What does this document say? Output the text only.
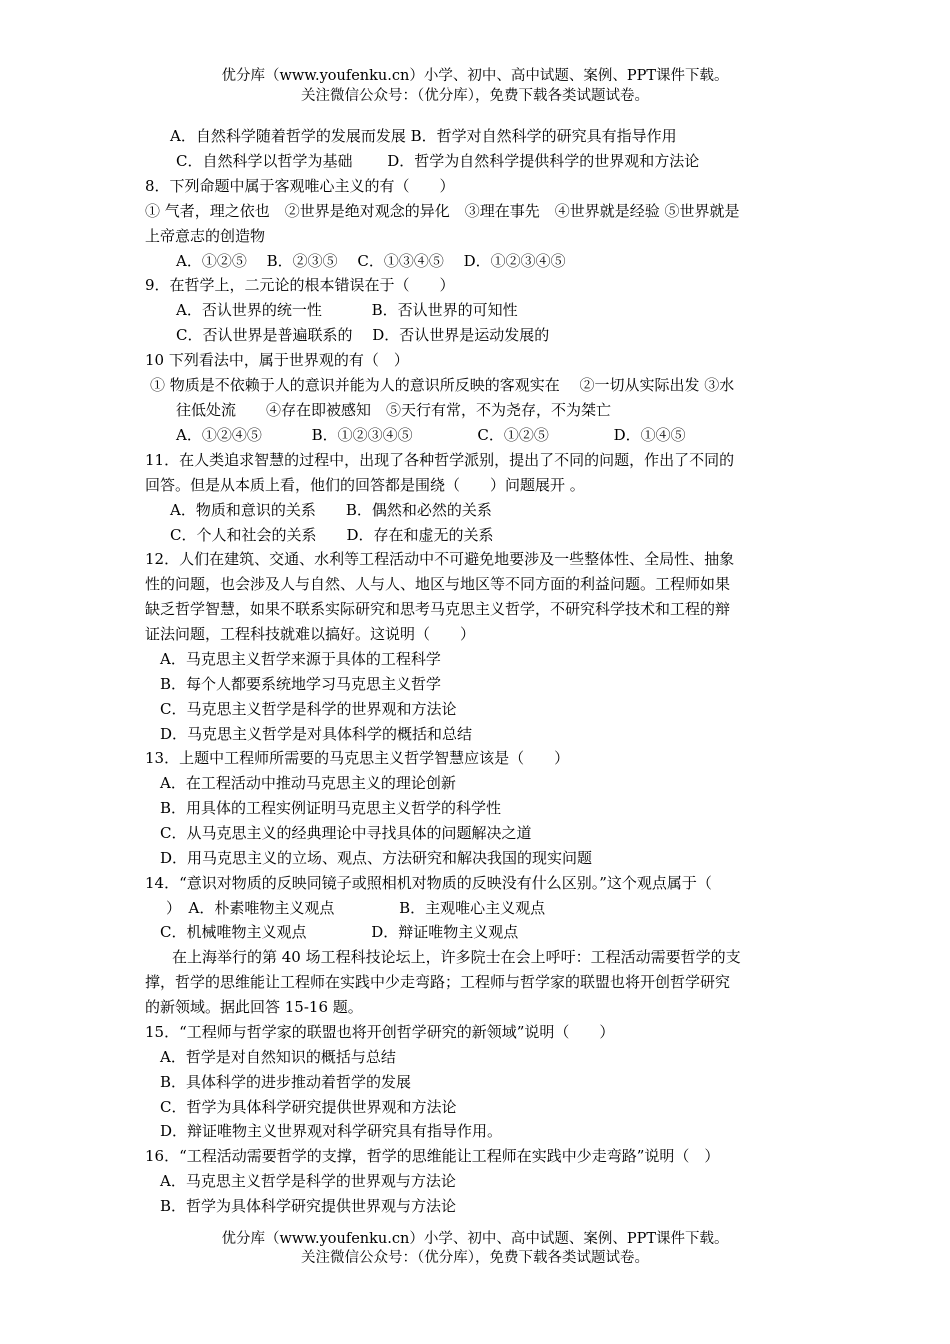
优分库（www.youfenku.cn）小学、初中、高中试题、案例、PPT课件下载。
关注微信公众号：（优分库），免费下载各类试题试卷。
A．自然科学随着哲学的发展而发展 B．哲学对自然科学的研究具有指导作用
C．自然科学以哲学为基础　　 D．哲学为自然科学提供科学的世界观和方法论
8．下列命题中属于客观唯心主义的有（　　）
① 气者，理之依也　②世界是绝对观念的异化　③理在事先　④世界就是经验 ⑤世界就是
上帝意志的创造物
A．①②⑤　 B．②③⑤　 C．①③④⑤　 D．①②③④⑤
9．在哲学上，二元论的根本错误在于（　　）
A．否认世界的统一性　　　 B．否认世界的可知性
C．否认世界是普遍联系的　 D．否认世界是运动发展的
10 下列看法中，属于世界观的有（　）
① 物质是不依赖于人的意识并能为人的意识所反映的客观实在　 ②一切从实际出发 ③水
往低处流　　④存在即被感知　⑤天行有常，不为尧存，不为桀亡
A．①②④⑤　　　 B．①②③④⑤　　　　 C．①②⑤　　　　 D．①④⑤
11．在人类追求智慧的过程中，出现了各种哲学派别，提出了不同的问题，作出了不同的
回答。但是从本质上看，他们的回答都是围绕（　　）问题展开 。
A．物质和意识的关系　　B．偶然和必然的关系
C．个人和社会的关系　　D．存在和虚无的关系
12．人们在建筑、交通、水利等工程活动中不可避免地要涉及一些整体性、全局性、抽象
性的问题，也会涉及人与自然、人与人、地区与地区等不同方面的利益问题。工程师如果
缺乏哲学智慧，如果不联系实际研究和思考马克思主义哲学，不研究科学技术和工程的辩
证法问题，工程科技就难以搞好。这说明（　　）
A．马克思主义哲学来源于具体的工程科学
B．每个人都要系统地学习马克思主义哲学
C．马克思主义哲学是科学的世界观和方法论
D．马克思主义哲学是对具体科学的概括和总结
13．上题中工程师所需要的马克思主义哲学智慧应该是（　　）
A．在工程活动中推动马克思主义的理论创新
B．用具体的工程实例证明马克思主义哲学的科学性
C．从马克思主义的经典理论中寻找具体的问题解决之道
D．用马克思主义的立场、观点、方法研究和解决我国的现实问题
14．“意识对物质的反映同镜子或照相机对物质的反映没有什么区别。”这个观点属于（
）　A．朴素唯物主义观点　　　　 B．主观唯心主义观点
C．机械唯物主义观点　　　　 D．辩证唯物主义观点
在上海举行的第 40 场工程科技论坛上，许多院士在会上呼吁：工程活动需要哲学的支
撑，哲学的思维能让工程师在实践中少走弯路；工程师与哲学家的联盟也将开创哲学研究
的新领域。据此回答 15-16 题。
15．“工程师与哲学家的联盟也将开创哲学研究的新领域”说明（　　）
A．哲学是对自然知识的概括与总结
B．具体科学的进步推动着哲学的发展
C．哲学为具体科学研究提供世界观和方法论
D．辩证唯物主义世界观对科学研究具有指导作用。
16．“工程活动需要哲学的支撑，哲学的思维能让工程师在实践中少走弯路”说明（　）
A．马克思主义哲学是科学的世界观与方法论
B．哲学为具体科学研究提供世界观与方法论
优分库（www.youfenku.cn）小学、初中、高中试题、案例、PPT课件下载。
关注微信公众号：（优分库），免费下载各类试题试卷。
